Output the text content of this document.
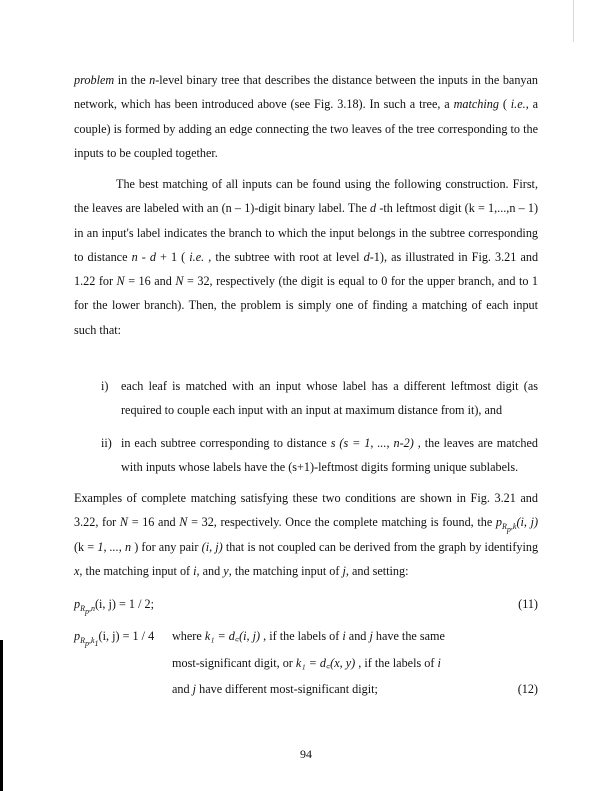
problem in the n-level binary tree that describes the distance between the inputs in the banyan network, which has been introduced above (see Fig. 3.18). In such a tree, a matching ( i.e., a couple) is formed by adding an edge connecting the two leaves of the tree corresponding to the inputs to be coupled together.

The best matching of all inputs can be found using the following construction. First, the leaves are labeled with an (n – 1)-digit binary label. The d -th leftmost digit (k = 1,...,n – 1) in an input's label indicates the branch to which the input belongs in the subtree corresponding to distance n - d + 1 ( i.e. , the subtree with root at level d-1), as illustrated in Fig. 3.21 and 1.22 for N = 16 and N = 32, respectively (the digit is equal to 0 for the upper branch, and to 1 for the lower branch). Then, the problem is simply one of finding a matching of each input such that:

i)	each leaf is matched with an input whose label has a different leftmost digit (as required to couple each input with an input at maximum distance from it), and
ii) in each subtree corresponding to distance s (s = 1, ..., n-2) , the leaves are matched with inputs whose labels have the (s+1)-leftmost digits forming unique sublabels.

Examples of complete matching satisfying these two conditions are shown in Fig. 3.21 and 3.22, for N = 16 and N = 32, respectively. Once the complete matching is found, the $p_{R_p,k}(i$, j) (k = 1, ..., n ) for any pair (i, j) that is not coupled can be derived from the graph by identifying x, the matching input of i, and y, the matching input of j, and setting:

$p_{R_p,n}(i$, j) = 1 / 2;	(11)
$p_{R_p,k_1}(i$, j) = 1 / 4 where k₁ = d꜀(i, j) , if the labels of i and j have the same
most-significant digit, or k₁ = d꜀(x, y) , if the labels of i
and j have different most-significant digit;	(12)
94
